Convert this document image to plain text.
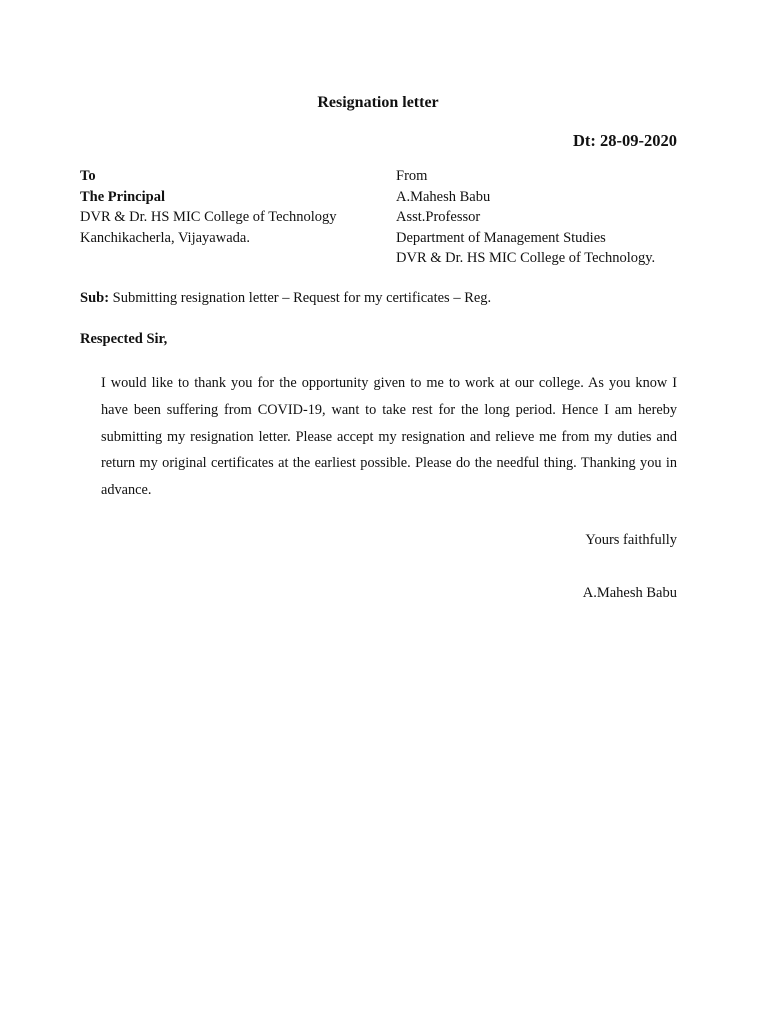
Resignation letter
Dt: 28-09-2020
To
The Principal
DVR & Dr. HS MIC College of Technology
Kanchikacherla, Vijayawada.
From
A.Mahesh Babu
Asst.Professor
Department of Management Studies
DVR & Dr. HS MIC College of Technology.
Sub: Submitting resignation letter – Request for my certificates – Reg.
Respected Sir,
I would like to thank you for the opportunity given to me to work at our college. As you know I have been suffering from COVID-19, want to take rest for the long period. Hence I am hereby submitting my resignation letter. Please accept my resignation and relieve me from my duties and return my original certificates at the earliest possible. Please do the needful thing. Thanking you in advance.
Yours faithfully
A.Mahesh Babu
